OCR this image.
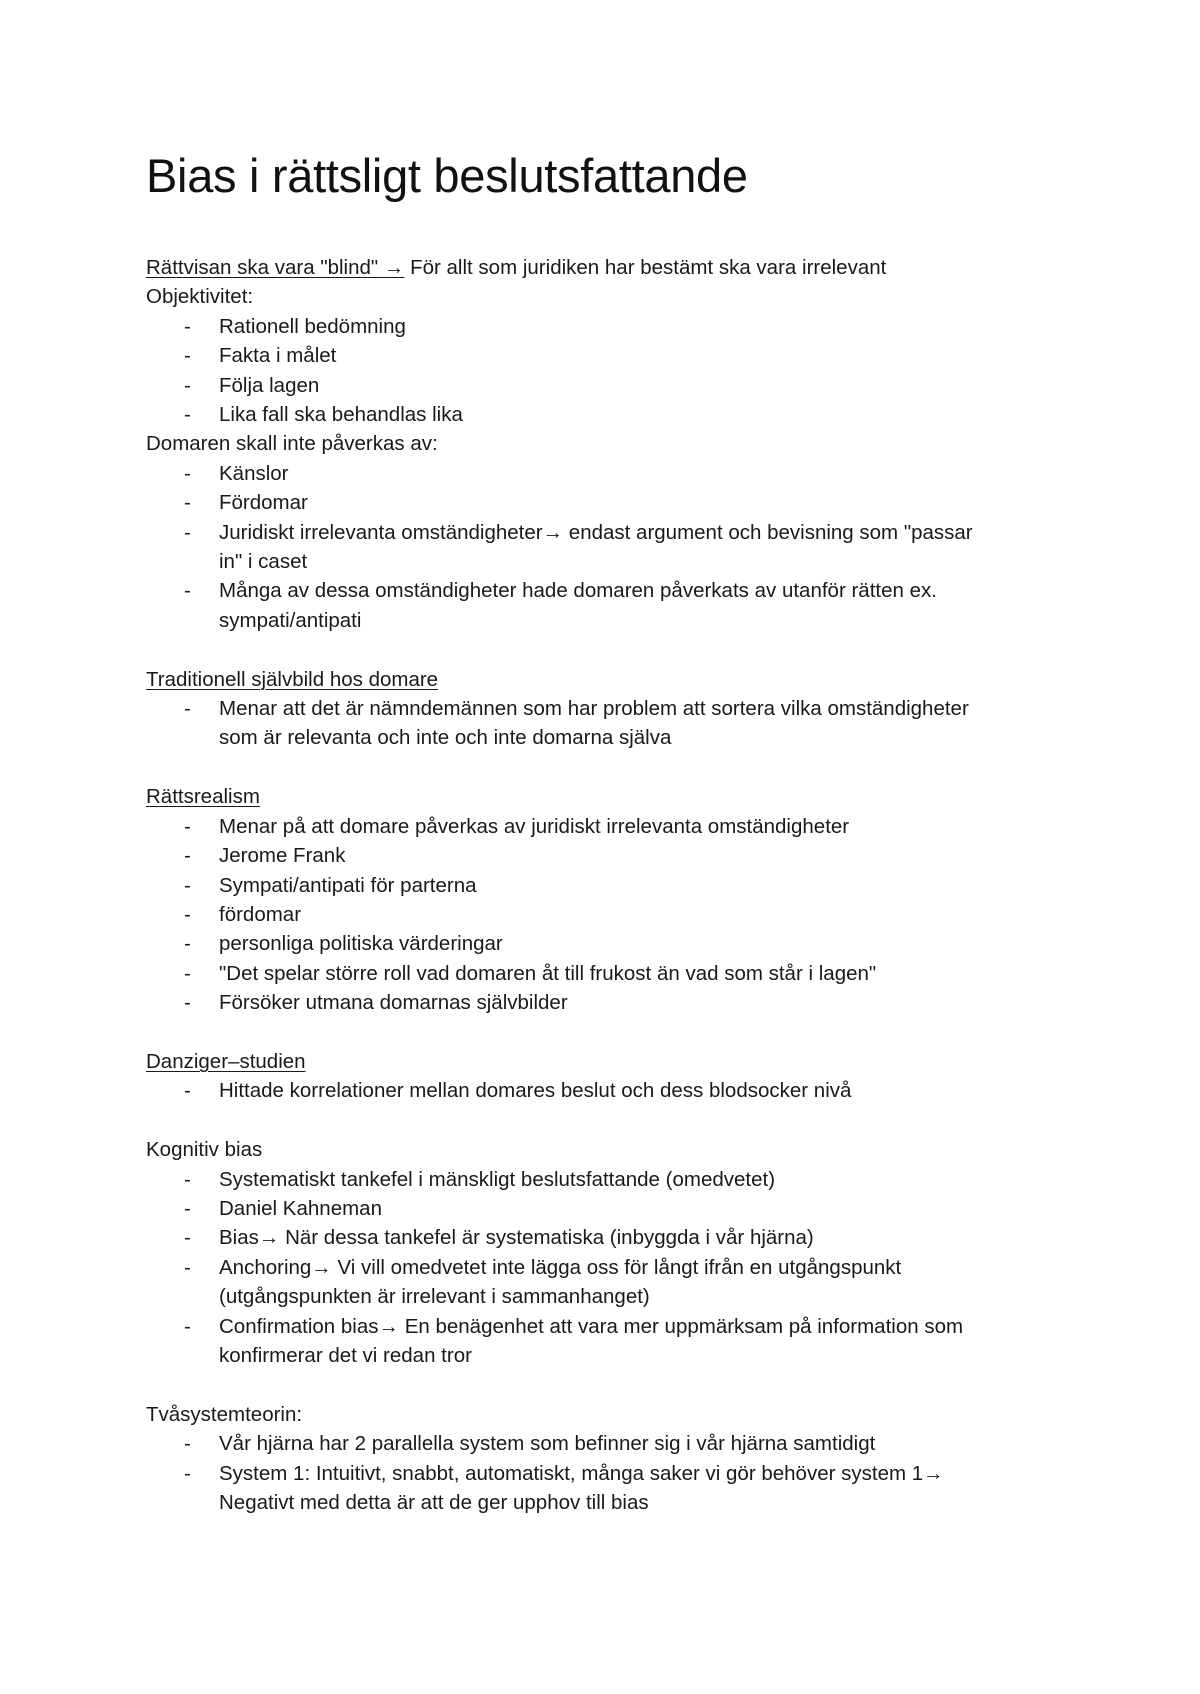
Bias i rättsligt beslutsfattande
Rättvisan ska vara "blind" → För allt som juridiken har bestämt ska vara irrelevant
Objektivitet:
- Rationell bedömning
- Fakta i målet
- Följa lagen
- Lika fall ska behandlas lika
Domaren skall inte påverkas av:
- Känslor
- Fördomar
- Juridiskt irrelevanta omständigheter→ endast argument och bevisning som "passar
in" i caset
- Många av dessa omständigheter hade domaren påverkats av utanför rätten ex.
sympati/antipati
Traditionell självbild hos domare
- Menar att det är nämndemännen som har problem att sortera vilka omständigheter
som är relevanta och inte och inte domarna själva
Rättsrealism
- Menar på att domare påverkas av juridiskt irrelevanta omständigheter
- Jerome Frank
- Sympati/antipati för parterna
- fördomar
- personliga politiska värderingar
- "Det spelar större roll vad domaren åt till frukost än vad som står i lagen"
- Försöker utmana domarnas självbilder
Danziger–studien
- Hittade korrelationer mellan domares beslut och dess blodsocker nivå
Kognitiv bias
- Systematiskt tankefel i mänskligt beslutsfattande (omedvetet)
- Daniel Kahneman
- Bias→ När dessa tankefel är systematiska (inbyggda i vår hjärna)
- Anchoring→ Vi vill omedvetet inte lägga oss för långt ifrån en utgångspunkt
(utgångspunkten är irrelevant i sammanhanget)
- Confirmation bias→ En benägenhet att vara mer uppmärksam på information som
konfirmerar det vi redan tror
Tvåsystemteorin:
- Vår hjärna har 2 parallella system som befinner sig i vår hjärna samtidigt
- System 1: Intuitivt, snabbt, automatiskt, många saker vi gör behöver system 1→
Negativt med detta är att de ger upphov till bias
